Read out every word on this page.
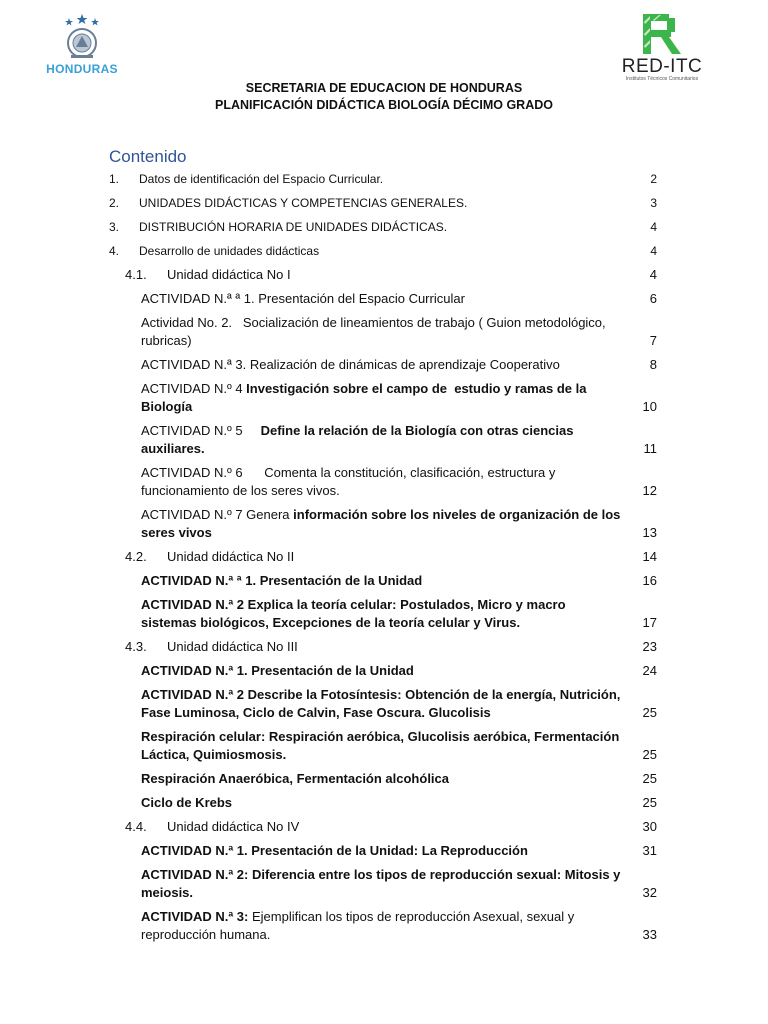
HONDURAS	RED-ITC
Institutos Técnicos Comunitarios
SECRETARIA DE EDUCACION DE HONDURAS
PLANIFICACIÓN DIDÁCTICA BIOLOGÍA DÉCIMO GRADO
Contenido
1. Datos de identificación del Espacio Curricular.	2
2. UNIDADES DIDÁCTICAS Y COMPETENCIAS GENERALES.	3
3. DISTRIBUCIÓN HORARIA DE UNIDADES DIDÁCTICAS.	4
4. Desarrollo de unidades didácticas	4
4.1. Unidad didáctica No I	4
ACTIVIDAD N.ª ª 1. Presentación del Espacio Curricular	6
Actividad No. 2.   Socialización de lineamientos de trabajo ( Guion metodológico, rubricas)	7
ACTIVIDAD N.ª 3. Realización de dinámicas de aprendizaje Cooperativo	8
ACTIVIDAD N.º 4 Investigación sobre el campo de  estudio y ramas de la Biología	10
ACTIVIDAD N.º 5     Define la relación de la Biología con otras ciencias auxiliares.	11
ACTIVIDAD N.º 6      Comenta la constitución, clasificación, estructura y funcionamiento de los seres vivos.	12
ACTIVIDAD N.º 7 Genera información sobre los niveles de organización de los seres vivos	13
4.2. Unidad didáctica No II	14
ACTIVIDAD N.ª ª 1. Presentación de la Unidad	16
ACTIVIDAD N.ª 2 Explica la teoría celular: Postulados, Micro y macro sistemas biológicos, Excepciones de la teoría celular y Virus.	17
4.3. Unidad didáctica No III	23
ACTIVIDAD N.ª 1. Presentación de la Unidad	24
ACTIVIDAD N.ª 2 Describe la Fotosíntesis: Obtención de la energía, Nutrición, Fase Luminosa, Ciclo de Calvin, Fase Oscura. Glucolisis	25
Respiración celular: Respiración aeróbica, Glucolisis aeróbica, Fermentación Láctica, Quimiosmosis.	25
Respiración Anaeróbica, Fermentación alcohólica	25
Ciclo de Krebs	25
4.4. Unidad didáctica No IV	30
ACTIVIDAD N.ª 1. Presentación de la Unidad: La Reproducción	31
ACTIVIDAD N.ª 2: Diferencia entre los tipos de reproducción sexual: Mitosis y meiosis.	32
ACTIVIDAD N.ª 3: Ejemplifican los tipos de reproducción Asexual, sexual y reproducción humana.	33
